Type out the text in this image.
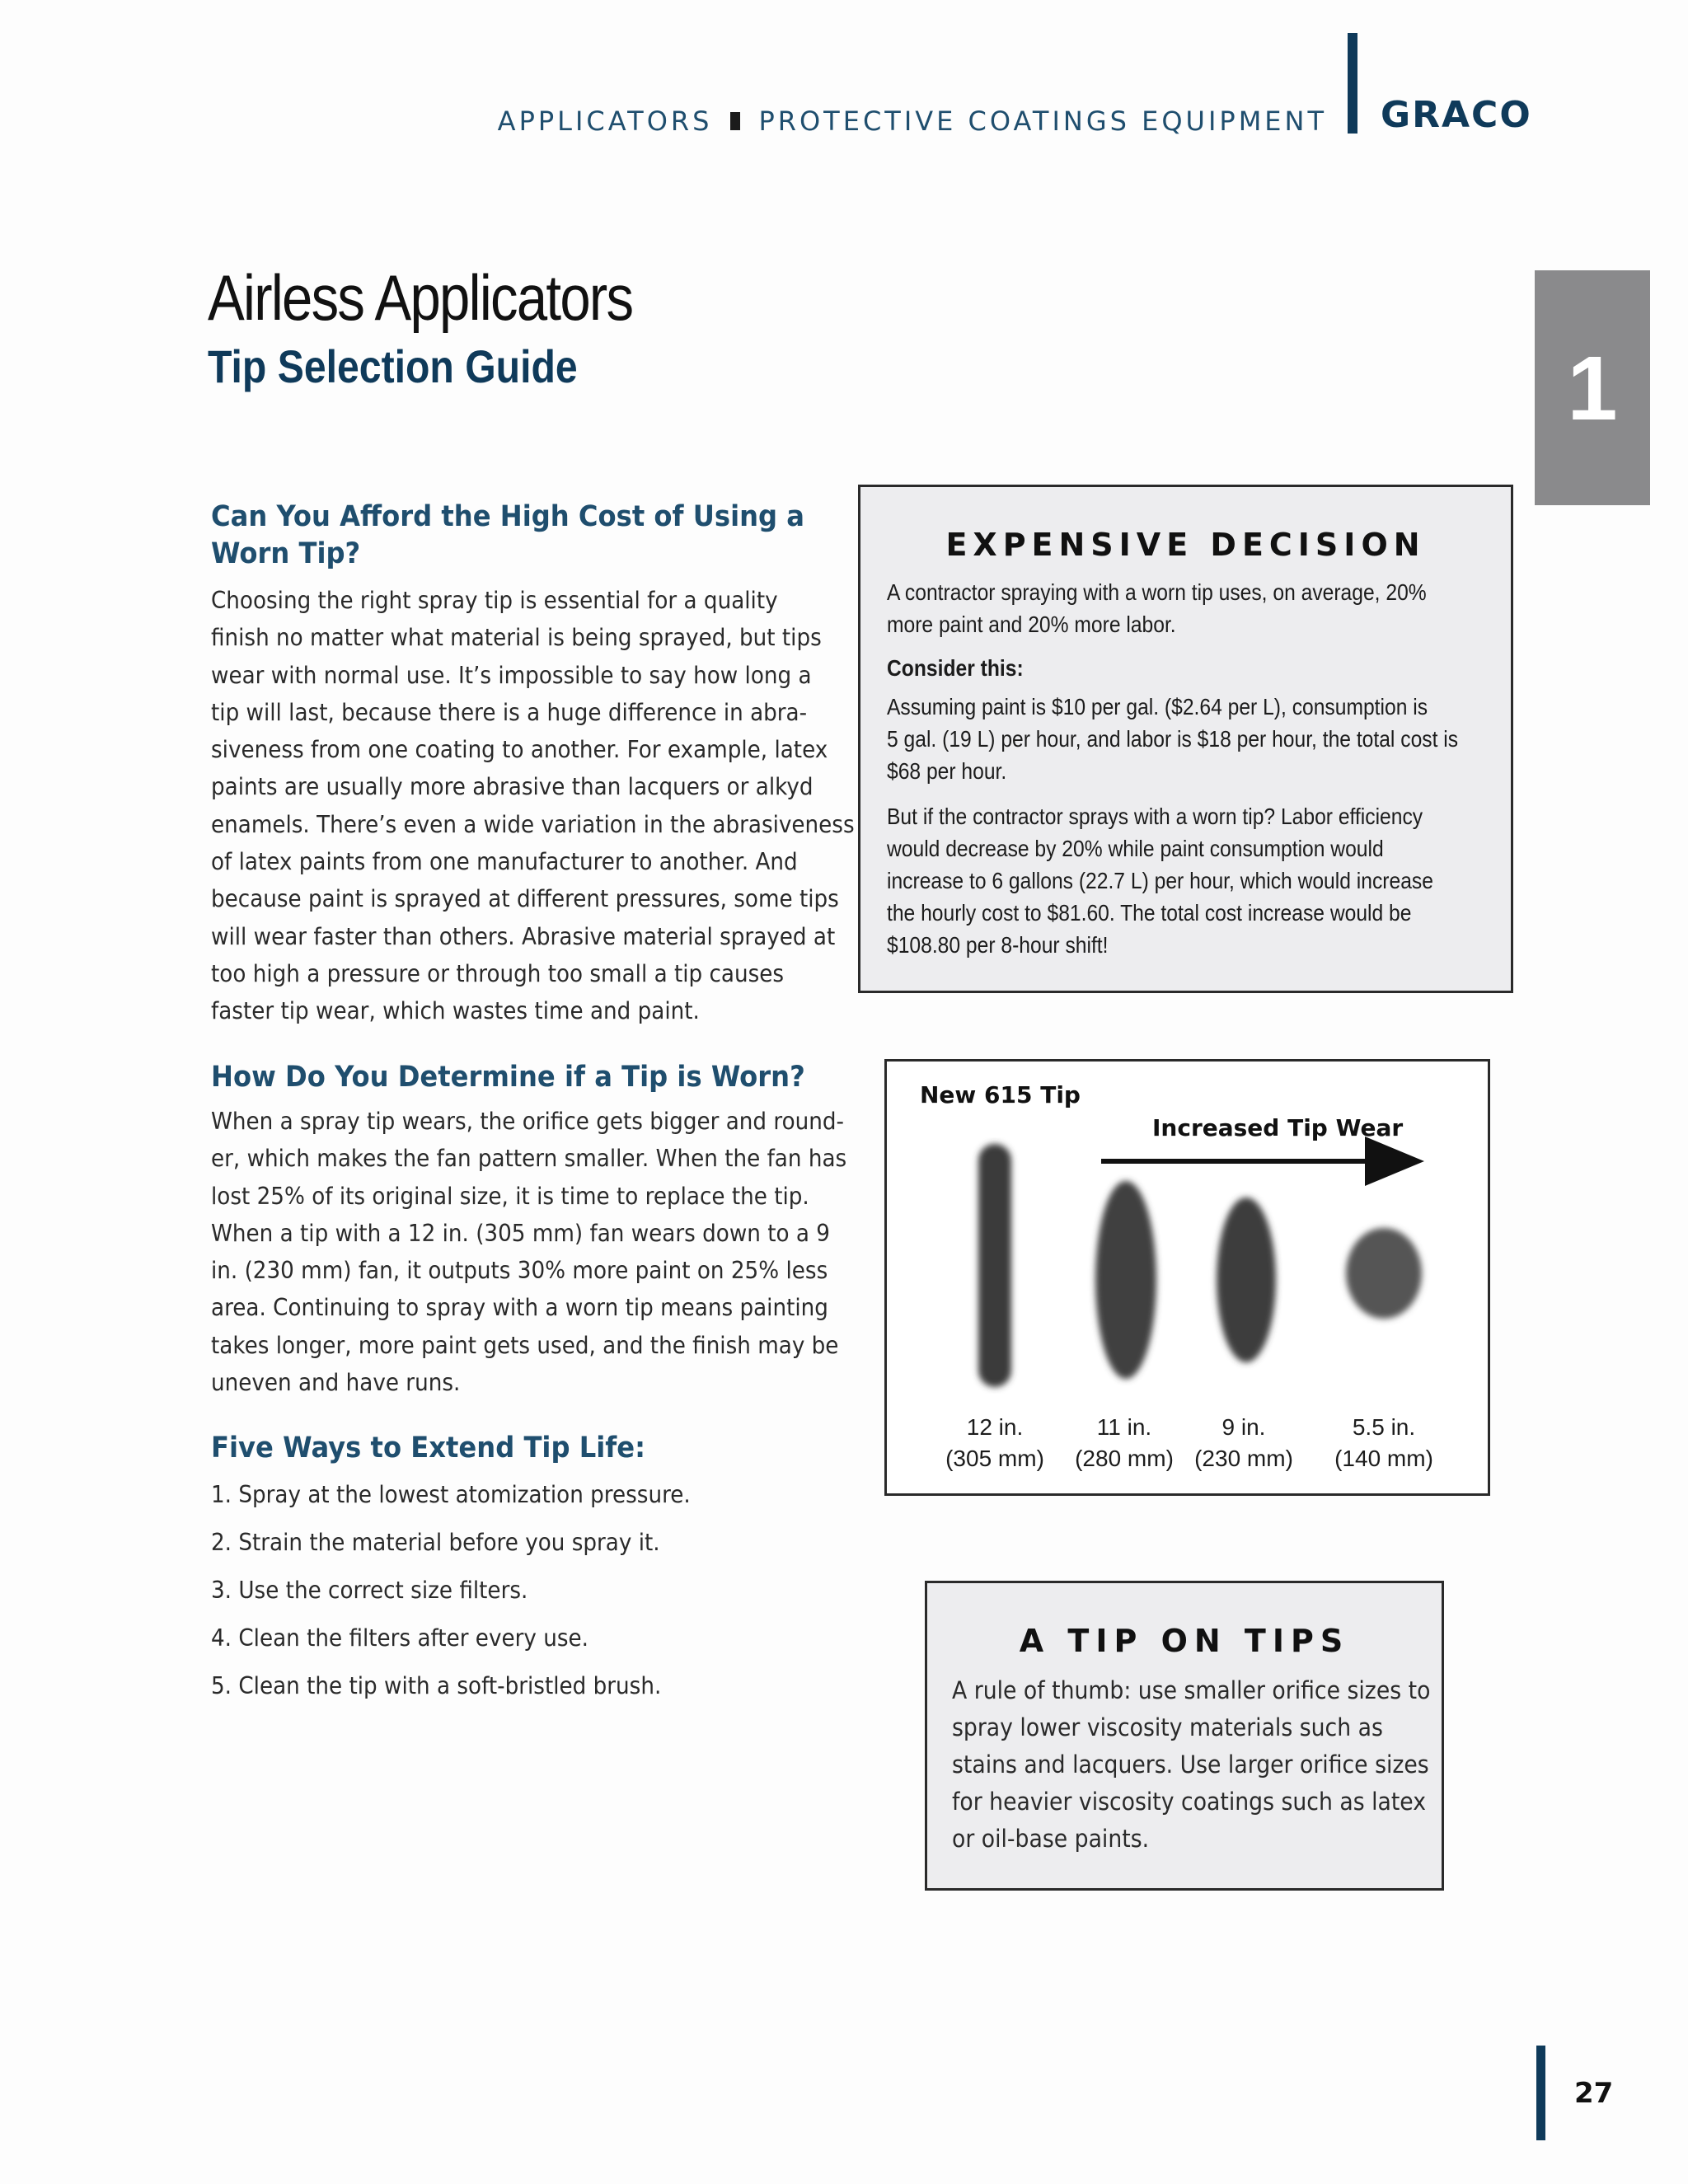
APPLICATORS PROTECTIVE COATINGS EQUIPMENT GRACO
1
Airless Applicators
Tip Selection Guide
Can You Afford the High Cost of Using a
Worn Tip?
Choosing the right spray tip is essential for a quality
finish no matter what material is being sprayed, but tips
wear with normal use. It’s impossible to say how long a
tip will last, because there is a huge difference in abra-
siveness from one coating to another. For example, latex
paints are usually more abrasive than lacquers or alkyd
enamels. There’s even a wide variation in the abrasiveness
of latex paints from one manufacturer to another. And
because paint is sprayed at different pressures, some tips
will wear faster than others. Abrasive material sprayed at
too high a pressure or through too small a tip causes
faster tip wear, which wastes time and paint.
How Do You Determine if a Tip is Worn?
When a spray tip wears, the orifice gets bigger and round-
er, which makes the fan pattern smaller. When the fan has
lost 25% of its original size, it is time to replace the tip.
When a tip with a 12 in. (305 mm) fan wears down to a 9
in. (230 mm) fan, it outputs 30% more paint on 25% less
area. Continuing to spray with a worn tip means painting
takes longer, more paint gets used, and the finish may be
uneven and have runs.
Five Ways to Extend Tip Life:
1. Spray at the lowest atomization pressure.
2. Strain the material before you spray it.
3. Use the correct size filters.
4. Clean the filters after every use.
5. Clean the tip with a soft-bristled brush.
EXPENSIVE DECISION
A contractor spraying with a worn tip uses, on average, 20%
more paint and 20% more labor.
Consider this:
Assuming paint is $10 per gal. ($2.64 per L), consumption is
5 gal. (19 L) per hour, and labor is $18 per hour, the total cost is
$68 per hour.
But if the contractor sprays with a worn tip? Labor efficiency
would decrease by 20% while paint consumption would
increase to 6 gallons (22.7 L) per hour, which would increase
the hourly cost to $81.60. The total cost increase would be
$108.80 per 8-hour shift!
New 615 Tip
Increased Tip Wear
12 in.
(305 mm)
11 in.
(280 mm)
9 in.
(230 mm)
5.5 in.
(140 mm)
A TIP ON TIPS
A rule of thumb: use smaller orifice sizes to
spray lower viscosity materials such as
stains and lacquers. Use larger orifice sizes
for heavier viscosity coatings such as latex
or oil-base paints.
27
